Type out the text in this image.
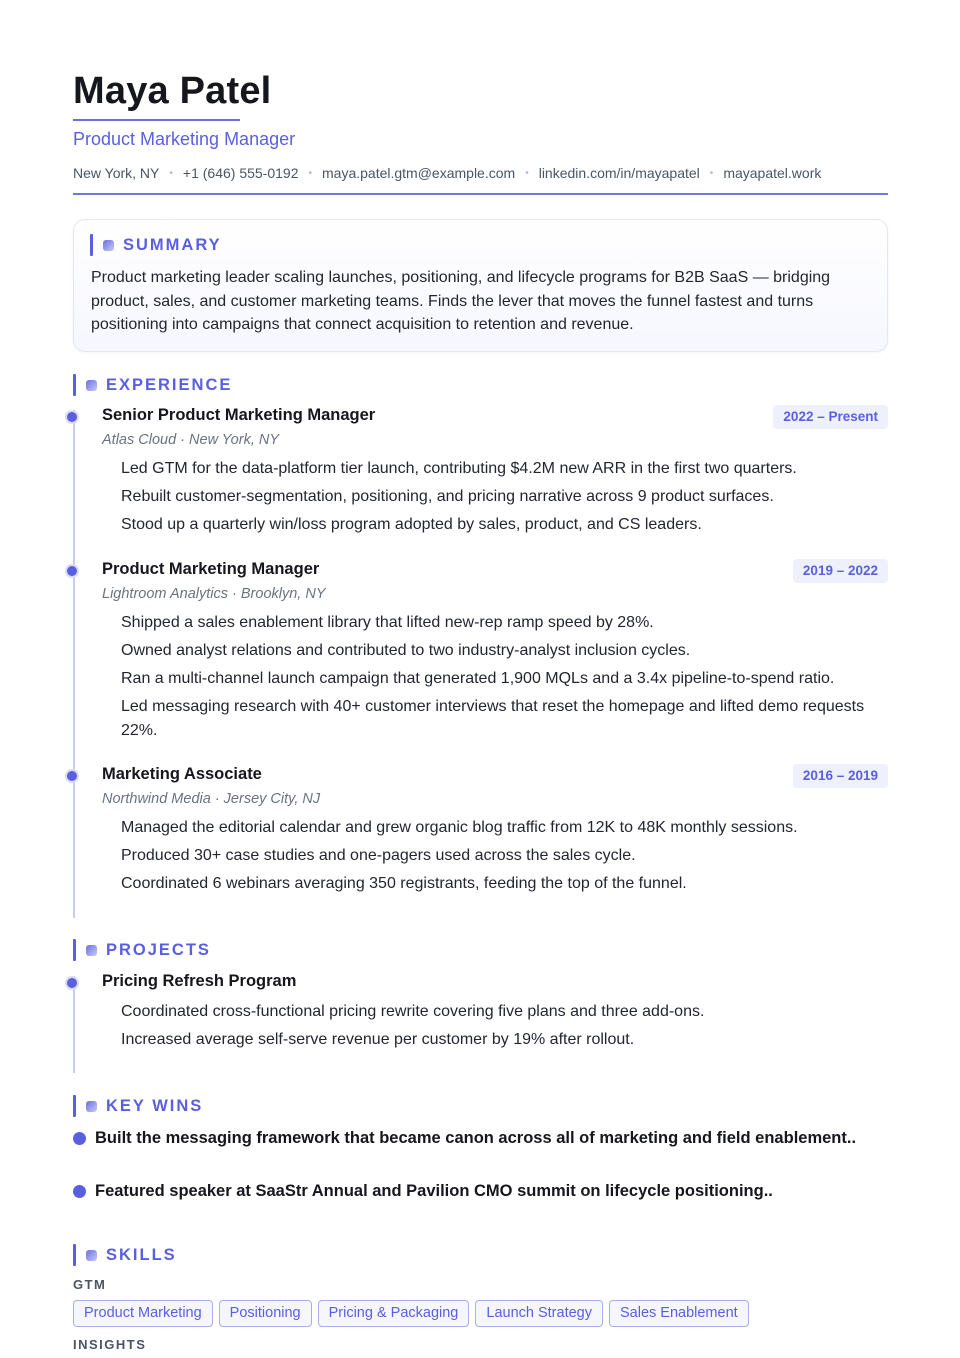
Maya Patel
Product Marketing Manager
New York, NY • +1 (646) 555-0192 • maya.patel.gtm@example.com • linkedin.com/in/mayapatel • mayapatel.work
SUMMARY
Product marketing leader scaling launches, positioning, and lifecycle programs for B2B SaaS — bridging product, sales, and customer marketing teams. Finds the lever that moves the funnel fastest and turns positioning into campaigns that connect acquisition to retention and revenue.
EXPERIENCE
Senior Product Marketing Manager	2022 – Present
Atlas Cloud · New York, NY
Led GTM for the data-platform tier launch, contributing $4.2M new ARR in the first two quarters.
Rebuilt customer-segmentation, positioning, and pricing narrative across 9 product surfaces.
Stood up a quarterly win/loss program adopted by sales, product, and CS leaders.
Product Marketing Manager	2019 – 2022
Lightroom Analytics · Brooklyn, NY
Shipped a sales enablement library that lifted new-rep ramp speed by 28%.
Owned analyst relations and contributed to two industry-analyst inclusion cycles.
Ran a multi-channel launch campaign that generated 1,900 MQLs and a 3.4x pipeline-to-spend ratio.
Led messaging research with 40+ customer interviews that reset the homepage and lifted demo requests 22%.
Marketing Associate	2016 – 2019
Northwind Media · Jersey City, NJ
Managed the editorial calendar and grew organic blog traffic from 12K to 48K monthly sessions.
Produced 30+ case studies and one-pagers used across the sales cycle.
Coordinated 6 webinars averaging 350 registrants, feeding the top of the funnel.
PROJECTS
Pricing Refresh Program
Coordinated cross-functional pricing rewrite covering five plans and three add-ons.
Increased average self-serve revenue per customer by 19% after rollout.
KEY WINS
Built the messaging framework that became canon across all of marketing and field enablement..
Featured speaker at SaaStr Annual and Pavilion CMO summit on lifecycle positioning..
SKILLS
GTM
Product Marketing	Positioning	Pricing & Packaging	Launch Strategy	Sales Enablement
INSIGHTS
